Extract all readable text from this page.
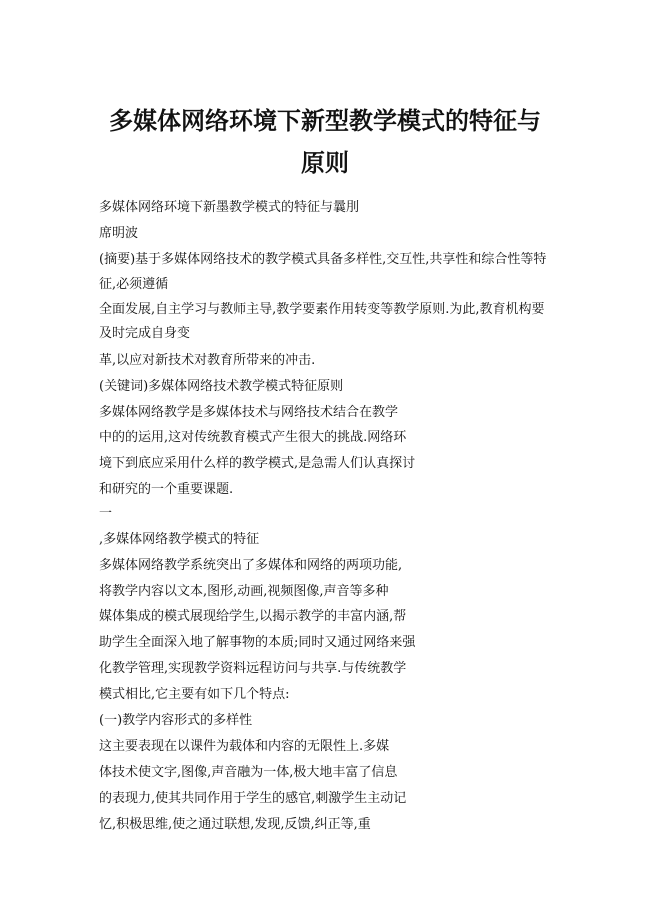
多媒体网络环境下新型教学模式的特征与
原则
多媒体网络环境下新墨教学模式的特征与曩刖
席明波
(摘要)基于多媒体网络技术的教学模式具备多样性,交互性,共享性和综合性等特
征,必须遵循
全面发展,自主学习与教师主导,教学要素作用转变等教学原则.为此,教育机构要
及时完成自身变
革,以应对新技术对教育所带来的冲击.
(关键词)多媒体网络技术教学模式特征原则
多媒体网络教学是多媒体技术与网络技术结合在教学
中的的运用,这对传统教育模式产生很大的挑战.网络环
境下到底应采用什么样的教学模式,是急需人们认真探讨
和研究的一个重要课题.
一
,多媒体网络教学模式的特征
多媒体网络教学系统突出了多媒体和网络的两项功能,
将教学内容以文本,图形,动画,视频图像,声音等多种
媒体集成的模式展现给学生,以揭示教学的丰富内涵,帮
助学生全面深入地了解事物的本质;同时又通过网络来强
化教学管理,实现教学资料远程访问与共享.与传统教学
模式相比,它主要有如下几个特点:
(一)教学内容形式的多样性
这主要表现在以课件为载体和内容的无限性上.多媒
体技术使文字,图像,声音融为一体,极大地丰富了信息
的表现力,使其共同作用于学生的感官,刺激学生主动记
忆,积极思维,使之通过联想,发现,反馈,纠正等,重
